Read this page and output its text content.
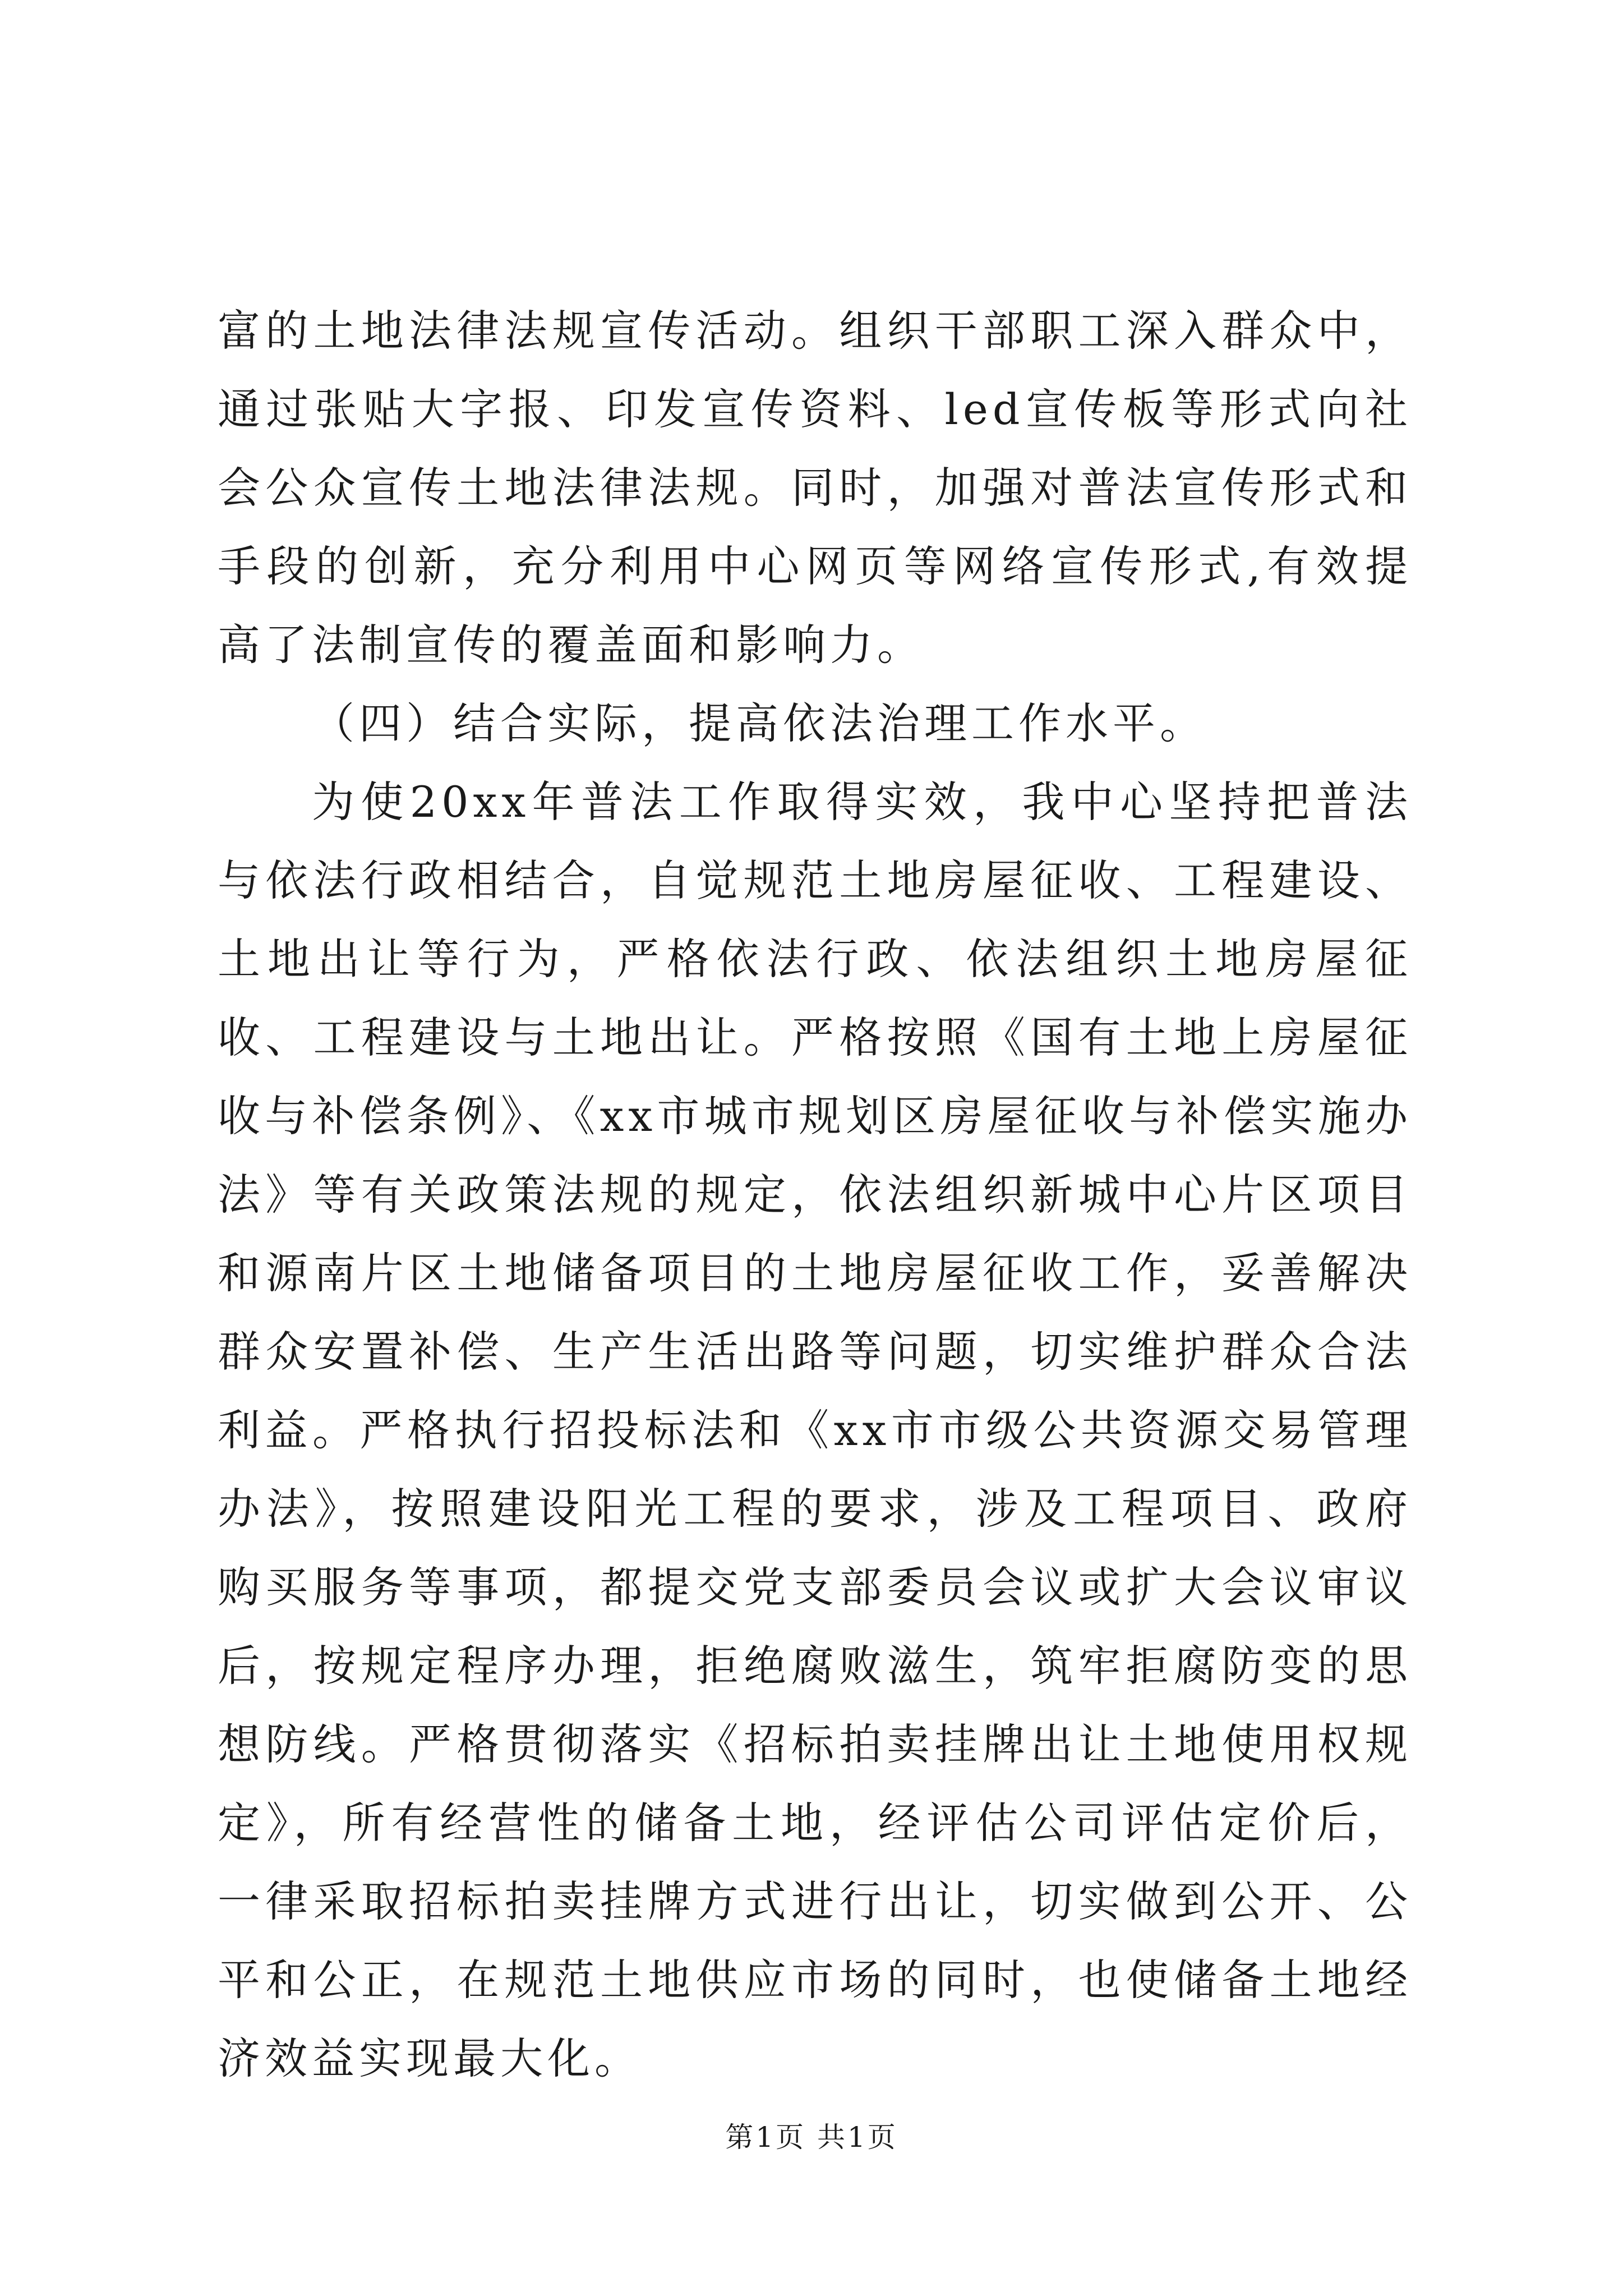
富的土地法律法规宣传活动。组织干部职工深入群众中，通过张贴大字报、印发宣传资料、led宣传板等形式向社会公众宣传土地法律法规。同时，加强对普法宣传形式和手段的创新，充分利用中心网页等网络宣传形式,有效提高了法制宣传的覆盖面和影响力。

（四）结合实际，提高依法治理工作水平。

为使20xx年普法工作取得实效，我中心坚持把普法与依法行政相结合，自觉规范土地房屋征收、工程建设、土地出让等行为，严格依法行政、依法组织土地房屋征收、工程建设与土地出让。严格按照《国有土地上房屋征收与补偿条例》、《xx市城市规划区房屋征收与补偿实施办法》等有关政策法规的规定，依法组织新城中心片区项目和源南片区土地储备项目的土地房屋征收工作，妥善解决群众安置补偿、生产生活出路等问题，切实维护群众合法利益。严格执行招投标法和《xx市市级公共资源交易管理办法》，按照建设阳光工程的要求，涉及工程项目、政府购买服务等事项，都提交党支部委员会议或扩大会议审议后，按规定程序办理，拒绝腐败滋生，筑牢拒腐防变的思想防线。严格贯彻落实《招标拍卖挂牌出让土地使用权规定》，所有经营性的储备土地，经评估公司评估定价后，一律采取招标拍卖挂牌方式进行出让，切实做到公开、公平和公正，在规范土地供应市场的同时，也使储备土地经济效益实现最大化。

第1页 共1页
